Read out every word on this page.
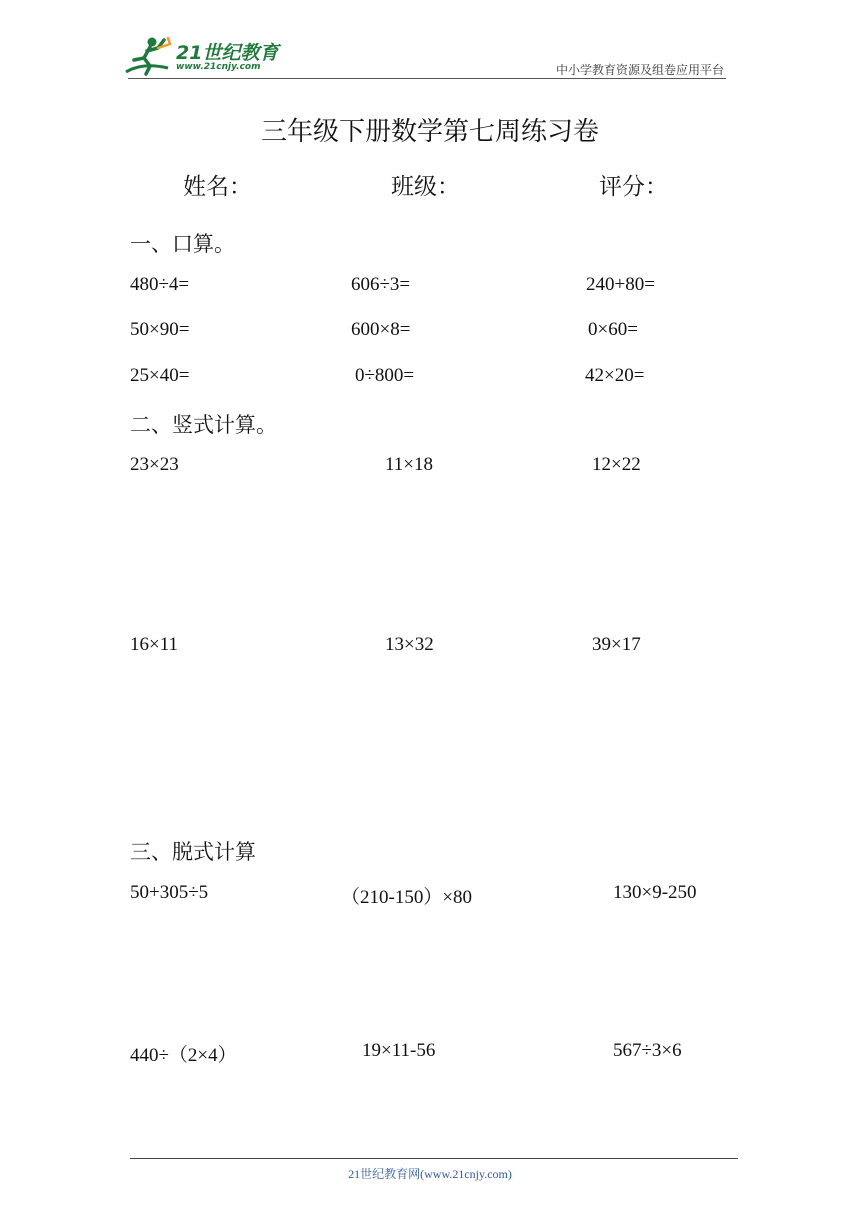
21世纪教育
www.21cnjy.com	中小学教育资源及组卷应用平台
三年级下册数学第七周练习卷
姓名：	班级：	评分：
一、口算。
480÷4=	606÷3=	240+80=
50×90=	600×8=	0×60=
25×40=	0÷800=	42×20=
二、竖式计算。
23×23	11×18	12×22
16×11	13×32	39×17
三、脱式计算
50+305÷5	（210-150）×80	130×9-250
440÷（2×4）	19×11-56	567÷3×6
21世纪教育网(www.21cnjy.com)
